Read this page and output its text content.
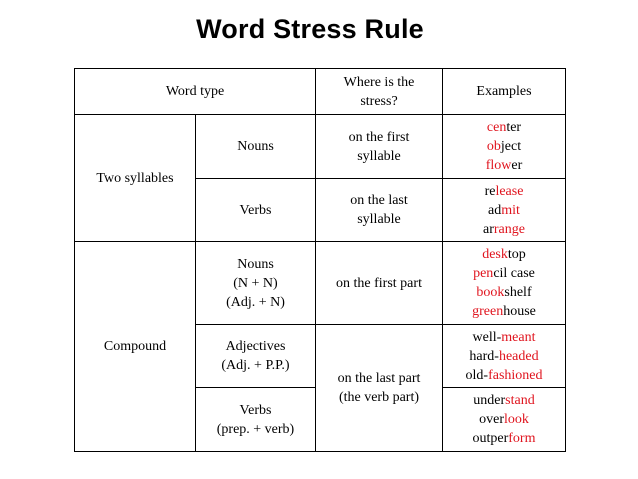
Word Stress Rule
Word type
Where is the
stress?
Examples
Two syllables
Compound
Nouns
on the first
syllable
center
object
flower
Verbs
on the last
syllable
release
admit
arrange
Nouns
(N + N)
(Adj. + N)
on the first part
desktop
pencil case
bookshelf
greenhouse
Adjectives
(Adj. + P.P.)
well-meant
hard-headed
old-fashioned
on the last part
(the verb part)
Verbs
(prep. + verb)
understand
overlook
outperform
